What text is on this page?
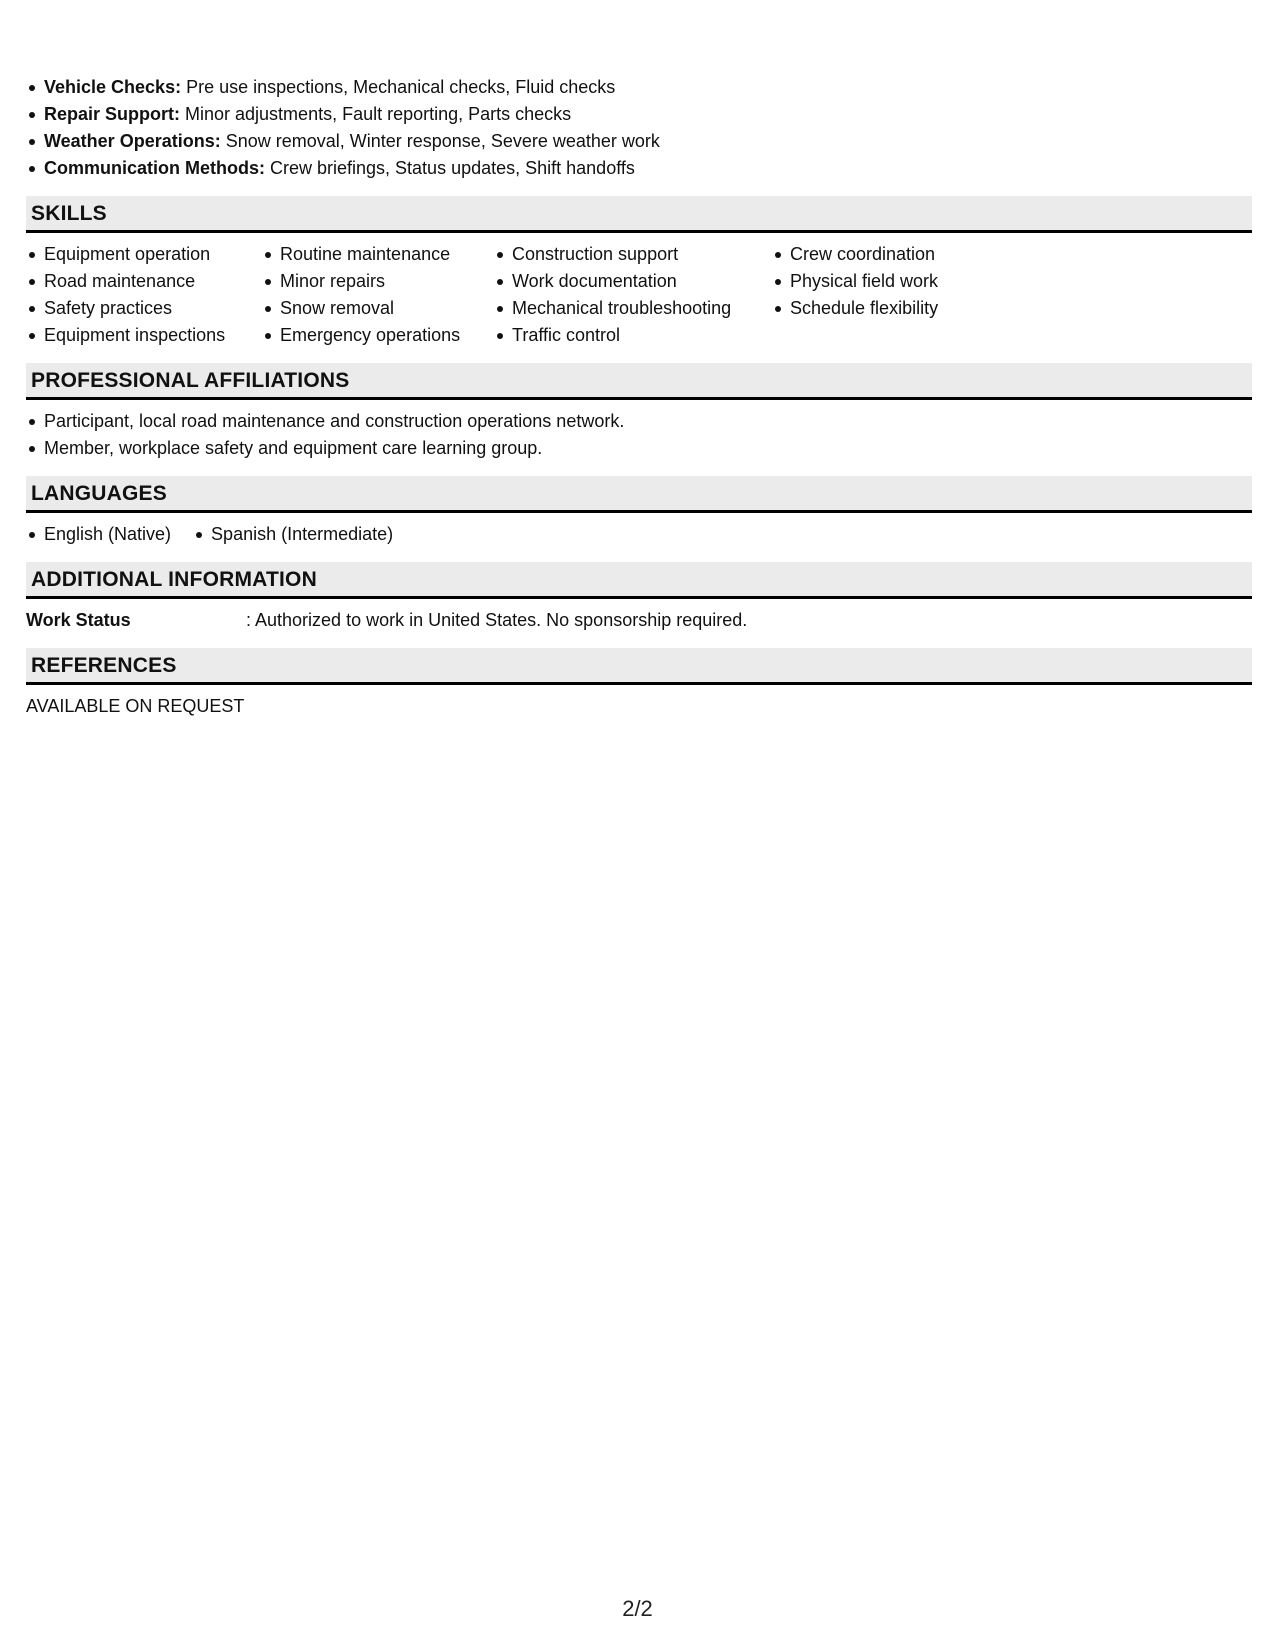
Vehicle Checks: Pre use inspections, Mechanical checks, Fluid checks
Repair Support: Minor adjustments, Fault reporting, Parts checks
Weather Operations: Snow removal, Winter response, Severe weather work
Communication Methods: Crew briefings, Status updates, Shift handoffs
SKILLS
Equipment operation
Road maintenance
Safety practices
Equipment inspections
Routine maintenance
Minor repairs
Snow removal
Emergency operations
Construction support
Work documentation
Mechanical troubleshooting
Traffic control
Crew coordination
Physical field work
Schedule flexibility
PROFESSIONAL AFFILIATIONS
Participant, local road maintenance and construction operations network.
Member, workplace safety and equipment care learning group.
LANGUAGES
English (Native)	Spanish (Intermediate)
ADDITIONAL INFORMATION
Work Status	: Authorized to work in United States. No sponsorship required.
REFERENCES
AVAILABLE ON REQUEST
2/2
